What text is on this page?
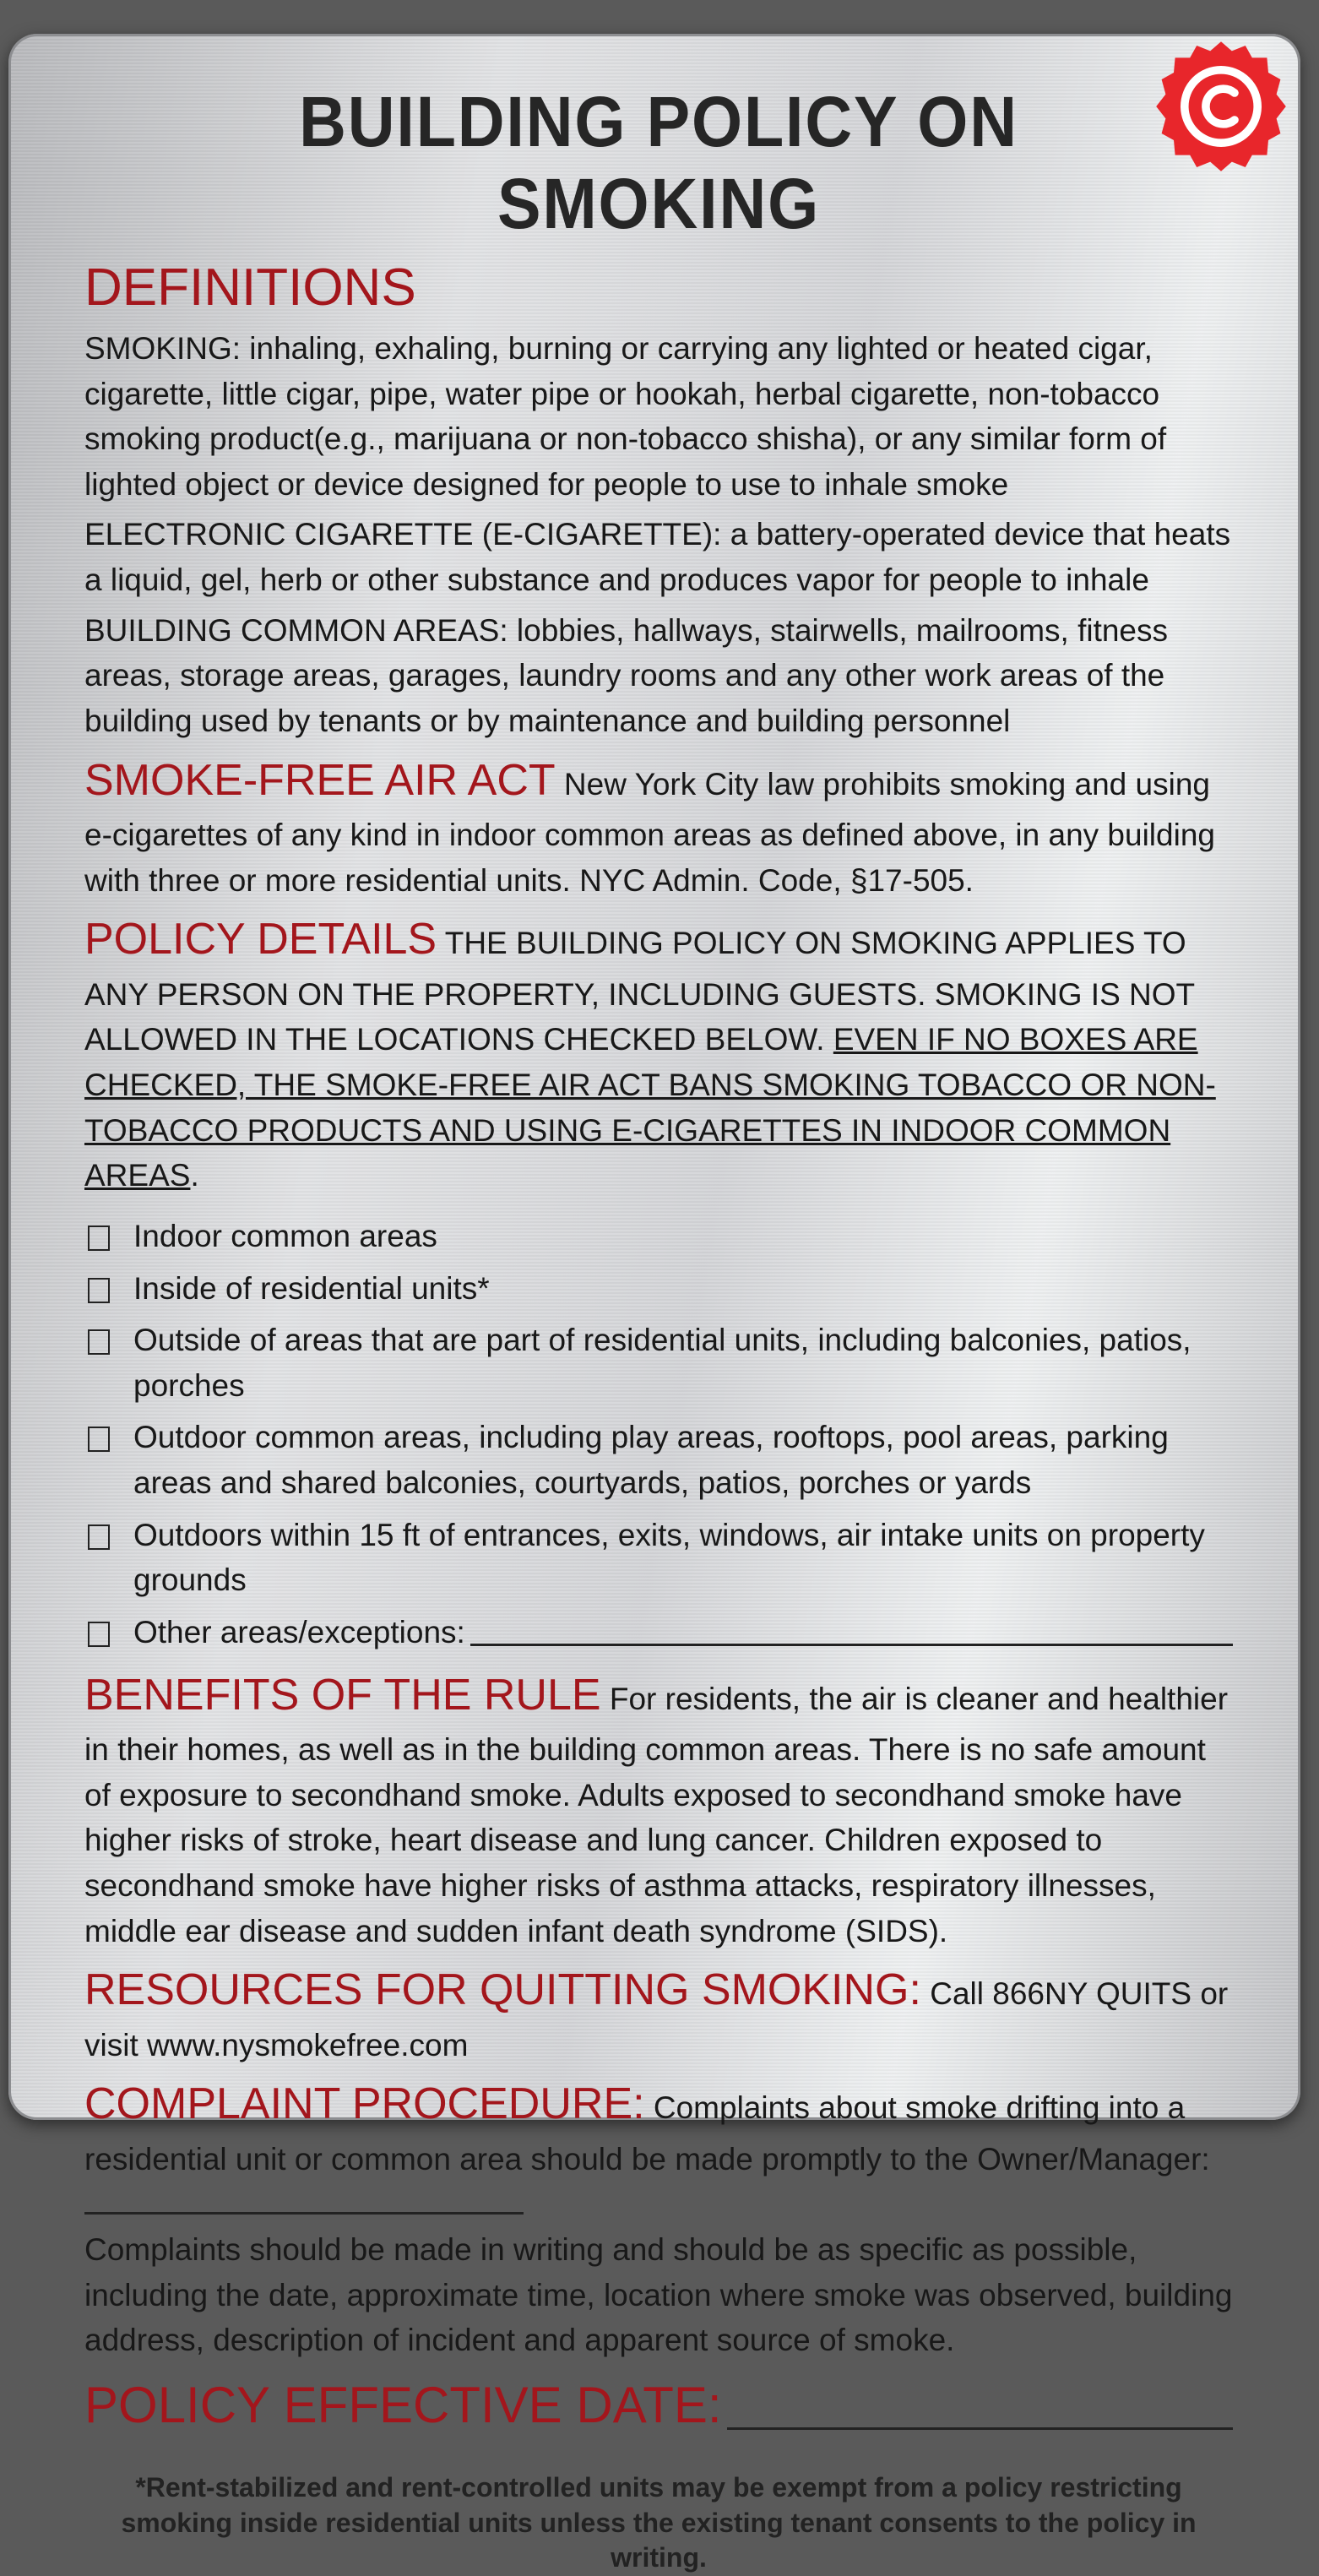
BUILDING POLICY ON SMOKING
DEFINITIONS

SMOKING: inhaling, exhaling, burning or carrying any lighted or heated cigar, cigarette, little cigar, pipe, water pipe or hookah, herbal cigarette, non-tobacco smoking product(e.g., marijuana or non-tobacco shisha), or any similar form of lighted object or device designed for people to use to inhale smoke

ELECTRONIC CIGARETTE (E-CIGARETTE): a battery-operated device that heats a liquid, gel, herb or other substance and produces vapor for people to inhale

BUILDING COMMON AREAS: lobbies, hallways, stairwells, mailrooms, fitness areas, storage areas, garages, laundry rooms and any other work areas of the building used by tenants or by maintenance and building personnel

SMOKE-FREE AIR ACT New York City law prohibits smoking and using e-cigarettes of any kind in indoor common areas as defined above, in any building with three or more residential units. NYC Admin. Code, §17-505.
POLICY DETAILS THE BUILDING POLICY ON SMOKING APPLIES TO ANY PERSON ON THE PROPERTY, INCLUDING GUESTS. SMOKING IS NOT ALLOWED IN THE LOCATIONS CHECKED BELOW. EVEN IF NO BOXES ARE CHECKED, THE SMOKE-FREE AIR ACT BANS SMOKING TOBACCO OR NON-TOBACCO PRODUCTS AND USING E-CIGARETTES IN INDOOR COMMON AREAS.
Indoor common areas
Inside of residential units*
Outside of areas that are part of residential units, including balconies, patios, porches
Outdoor common areas, including play areas, rooftops, pool areas, parking areas and shared balconies, courtyards, patios, porches or yards
Outdoors within 15 ft of entrances, exits, windows, air intake units on property grounds
Other areas/exceptions:
BENEFITS OF THE RULE For residents, the air is cleaner and healthier in their homes, as well as in the building common areas. There is no safe amount of exposure to secondhand smoke. Adults exposed to secondhand smoke have higher risks of stroke, heart disease and lung cancer. Children exposed to secondhand smoke have higher risks of asthma attacks, respiratory illnesses, middle ear disease and sudden infant death syndrome (SIDS).
RESOURCES FOR QUITTING SMOKING: Call 866NY QUITS or visit www.nysmokefree.com
COMPLAINT PROCEDURE: Complaints about smoke drifting into a residential unit or common area should be made promptly to the Owner/Manager:
Complaints should be made in writing and should be as specific as possible, including the date, approximate time, location where smoke was observed, building address, description of incident and apparent source of smoke.
POLICY EFFECTIVE DATE:
*Rent-stabilized and rent-controlled units may be exempt from a policy restricting smoking inside residential units unless the existing tenant consents to the policy in writing.
